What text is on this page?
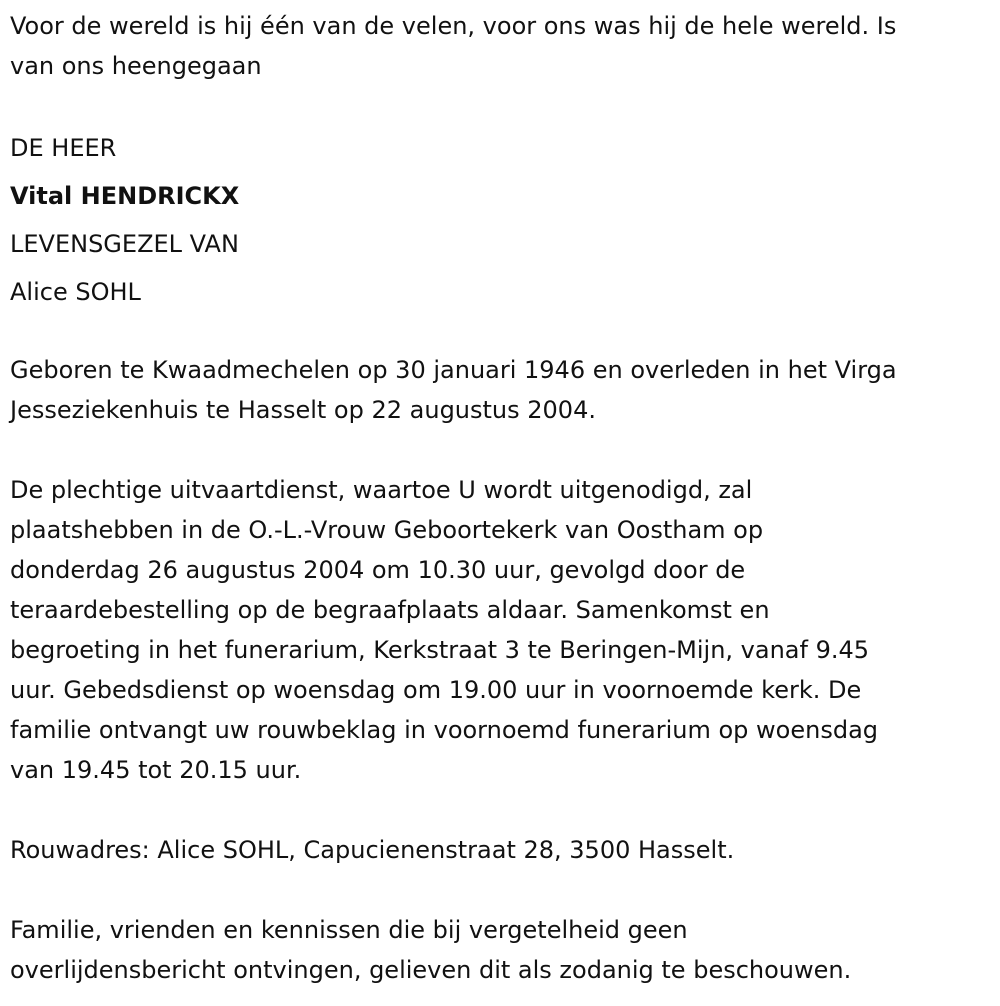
Voor de wereld is hij één van de velen, voor ons was hij de hele wereld. Is
van ons heengegaan
DE HEER
Vital HENDRICKX
LEVENSGEZEL VAN
Alice SOHL
Geboren te Kwaadmechelen op 30 januari 1946 en overleden in het Virga
Jesseziekenhuis te Hasselt op 22 augustus 2004.
De plechtige uitvaartdienst, waartoe U wordt uitgenodigd, zal
plaatshebben in de O.-L.-Vrouw Geboortekerk van Oostham op
donderdag 26 augustus 2004 om 10.30 uur, gevolgd door de
teraardebestelling op de begraafplaats aldaar. Samenkomst en
begroeting in het funerarium, Kerkstraat 3 te Beringen-Mijn, vanaf 9.45
uur. Gebedsdienst op woensdag om 19.00 uur in voornoemde kerk. De
familie ontvangt uw rouwbeklag in voornoemd funerarium op woensdag
van 19.45 tot 20.15 uur.
Rouwadres: Alice SOHL, Capucienenstraat 28, 3500 Hasselt.
Familie, vrienden en kennissen die bij vergetelheid geen
overlijdensbericht ontvingen, gelieven dit als zodanig te beschouwen.
